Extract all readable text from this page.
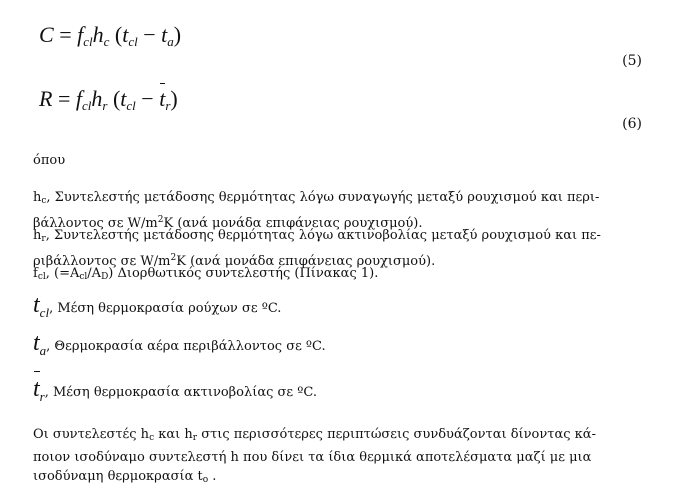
$C = f_{cl}h_c$ $(t_{cl} - t_a)$
(5)
$R = f_{cl}h_r$ $(t_{cl} - t_r)$
(6)
όπου
$h_c$, Συντελεστής μετάδοσης θερμότητας λόγω συναγωγής μεταξύ ρουχισμού και περι-
βάλλοντος σε $W/m^2K$ (ανά μονάδα επιφάνειας ρουχισμού).
$h_r$, Συντελεστής μετάδοσης θερμότητας λόγω ακτινοβολίας μεταξύ ρουχισμού και πε-
ριβάλλοντος σε $W/m^2K$ (ανά μονάδα επιφάνειας ρουχισμού).
$f_{cl}$, $(=A_{cl}/A_D)$ Διορθωτικός συντελεστής (Πίνακας 1).
$t_{cl}$, Μέση θερμοκρασία ρούχων σε ºC.
$t_a$, Θερμοκρασία αέρα περιβάλλοντος σε ºC.
$t_r$, Μέση θερμοκρασία ακτινοβολίας σε ºC.
Οι συντελεστές $h_c$ και $h_r$ στις περισσότερες περιπτώσεις συνδυάζονται δίνοντας κά-
ποιον ισοδύναμο συντελεστή h που δίνει τα ίδια θερμικά αποτελέσματα μαζί με μια
ισοδύναμη θερμοκρασία $t_o$ .
